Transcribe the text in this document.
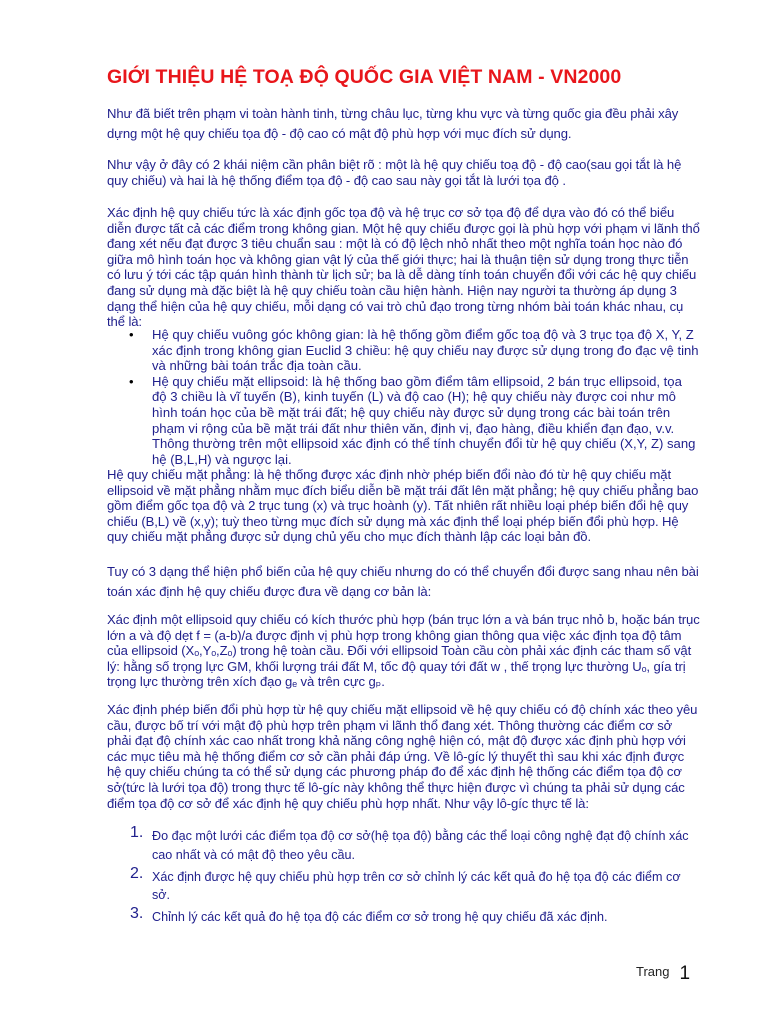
GIỚI THIỆU HỆ TOẠ ĐỘ QUỐC GIA VIỆT NAM - VN2000

Như đã biết trên phạm vi toàn hành tinh, từng châu lục, từng khu vực và từng quốc gia đều phải xây dựng một hệ quy chiếu tọa độ - độ cao có mật độ phù hợp với mục đích sử dụng.

Như vậy ở đây có 2 khái niệm cần phân biệt rõ : một là hệ quy chiếu toạ độ - độ cao(sau gọi tắt là hệ quy chiếu) và hai là hệ thống điểm tọa độ - độ cao sau này gọi tắt là lưới tọa độ .

Xác định hệ quy chiếu tức là xác định gốc tọa độ và hệ trục cơ sở tọa độ để dựa vào đó có thể biểu diễn được tất cả các điểm trong không gian. Một hệ quy chiếu được gọi là phù hợp với phạm vi lãnh thổ đang xét nếu đạt được 3 tiêu chuẩn sau : một là có độ lệch nhỏ nhất theo một nghĩa toán học nào đó giữa mô hình toán học và không gian vật lý của thế giới thực; hai là thuận tiện sử dụng trong thực tiễn có lưu ý tới các tập quán hình thành từ lịch sử; ba là dễ dàng tính toán chuyển đổi với các hệ quy chiếu đang sử dụng mà đặc biệt là hệ quy chiếu toàn cầu hiện hành. Hiện nay người ta thường áp dụng 3 dạng thể hiện của hệ quy chiếu, mỗi dạng có vai trò chủ đạo trong từng nhóm bài toán khác nhau, cụ thể là:

• Hệ quy chiếu vuông góc không gian: là hệ thống gồm điểm gốc toạ độ và 3 trục tọa độ X, Y, Z xác định trong không gian Euclid 3 chiều: hệ quy chiếu nay được sử dụng trong đo đạc vệ tinh và những bài toán trắc địa toàn cầu.
• Hệ quy chiếu mặt ellipsoid: là hệ thống bao gồm điểm tâm ellipsoid, 2 bán trục ellipsoid, tọa độ 3 chiều là vĩ tuyến (B), kinh tuyến (L) và độ cao (H); hệ quy chiếu này được coi như mô hình toán học của bề mặt trái đất; hệ quy chiếu này được sử dụng trong các bài toán trên phạm vi rộng của bề mặt trái đất như thiên văn, định vị, đạo hàng, điều khiển đạn đạo, v.v. Thông thường trên một ellipsoid xác định có thể tính chuyển đổi từ hệ quy chiếu (X,Y, Z) sang hệ (B,L,H) và ngược lại.

Hệ quy chiếu mặt phẳng: là hệ thống được xác định nhờ phép biến đổi nào đó từ hệ quy chiếu mặt ellipsoid về mặt phẳng nhằm mục đích biểu diễn bề mặt trái đất lên mặt phẳng; hệ quy chiếu phẳng bao gồm điểm gốc tọa độ và 2 trục tung (x) và trục hoành (y). Tất nhiên rất nhiều loại phép biến đổi hệ quy chiếu (B,L) về (x,y); tuỳ theo từng mục đích sử dụng mà xác định thể loại phép biến đổi phù hợp. Hệ quy chiếu mặt phẳng được sử dụng chủ yếu cho mục đích thành lập các loại bản đồ.

Tuy có 3 dạng thể hiện phổ biến của hệ quy chiếu nhưng do có thể chuyển đổi được sang nhau nên bài toán xác định hệ quy chiếu được đưa về dạng cơ bản là:

Xác định một ellipsoid quy chiếu có kích thước phù hợp (bán trục lớn a và bán trục nhỏ b, hoặc bán trục lớn a và độ dẹt f = (a-b)/a được định vị phù hợp trong không gian thông qua việc xác định tọa độ tâm của ellipsoid (Xₒ,Yₒ,Zₒ) trong hệ toàn cầu. Đối với ellipsoid Toàn cầu còn phải xác định các tham số vật lý: hằng số trọng lực GM, khối lượng trái đất M, tốc độ quay tới đất w , thế trọng lực thường Uₒ, gía trị trọng lực thường trên xích đạo gₑ và trên cực gₚ.

Xác định phép biến đổi phù hợp từ hệ quy chiếu mặt ellipsoid về hệ quy chiếu có độ chính xác theo yêu cầu, được bố trí với mật độ phù hợp trên phạm vi lãnh thổ đang xét. Thông thường các điểm cơ sở phải đạt độ chính xác cao nhất trong khả năng công nghệ hiện có, mật độ được xác định phù hợp với các mục tiêu mà hệ thống điểm cơ sở cần phải đáp ứng. Về lô-gíc lý thuyết thì sau khi xác định được hệ quy chiếu chúng ta có thể sử dụng các phương pháp đo để xác định hệ thống các điểm tọa độ cơ sở(tức là lưới tọa độ) trong thực tế lô-gíc này không thể thực hiện được vì chúng ta phải sử dụng các điểm tọa độ cơ sở để xác định hệ quy chiếu phù hợp nhất. Như vậy lô-gíc thực tế là:

1. Đo đạc một lưới các điểm tọa độ cơ sở(hệ tọa độ) bằng các thể loại công nghệ đạt độ chính xác cao nhất và có mật độ theo yêu cầu.
2. Xác định được hệ quy chiếu phù hợp trên cơ sở chỉnh lý các kết quả đo hệ tọa độ các điểm cơ sở.
3. Chỉnh lý các kết quả đo hệ tọa độ các điểm cơ sở trong hệ quy chiếu đã xác định.
Trang 1
